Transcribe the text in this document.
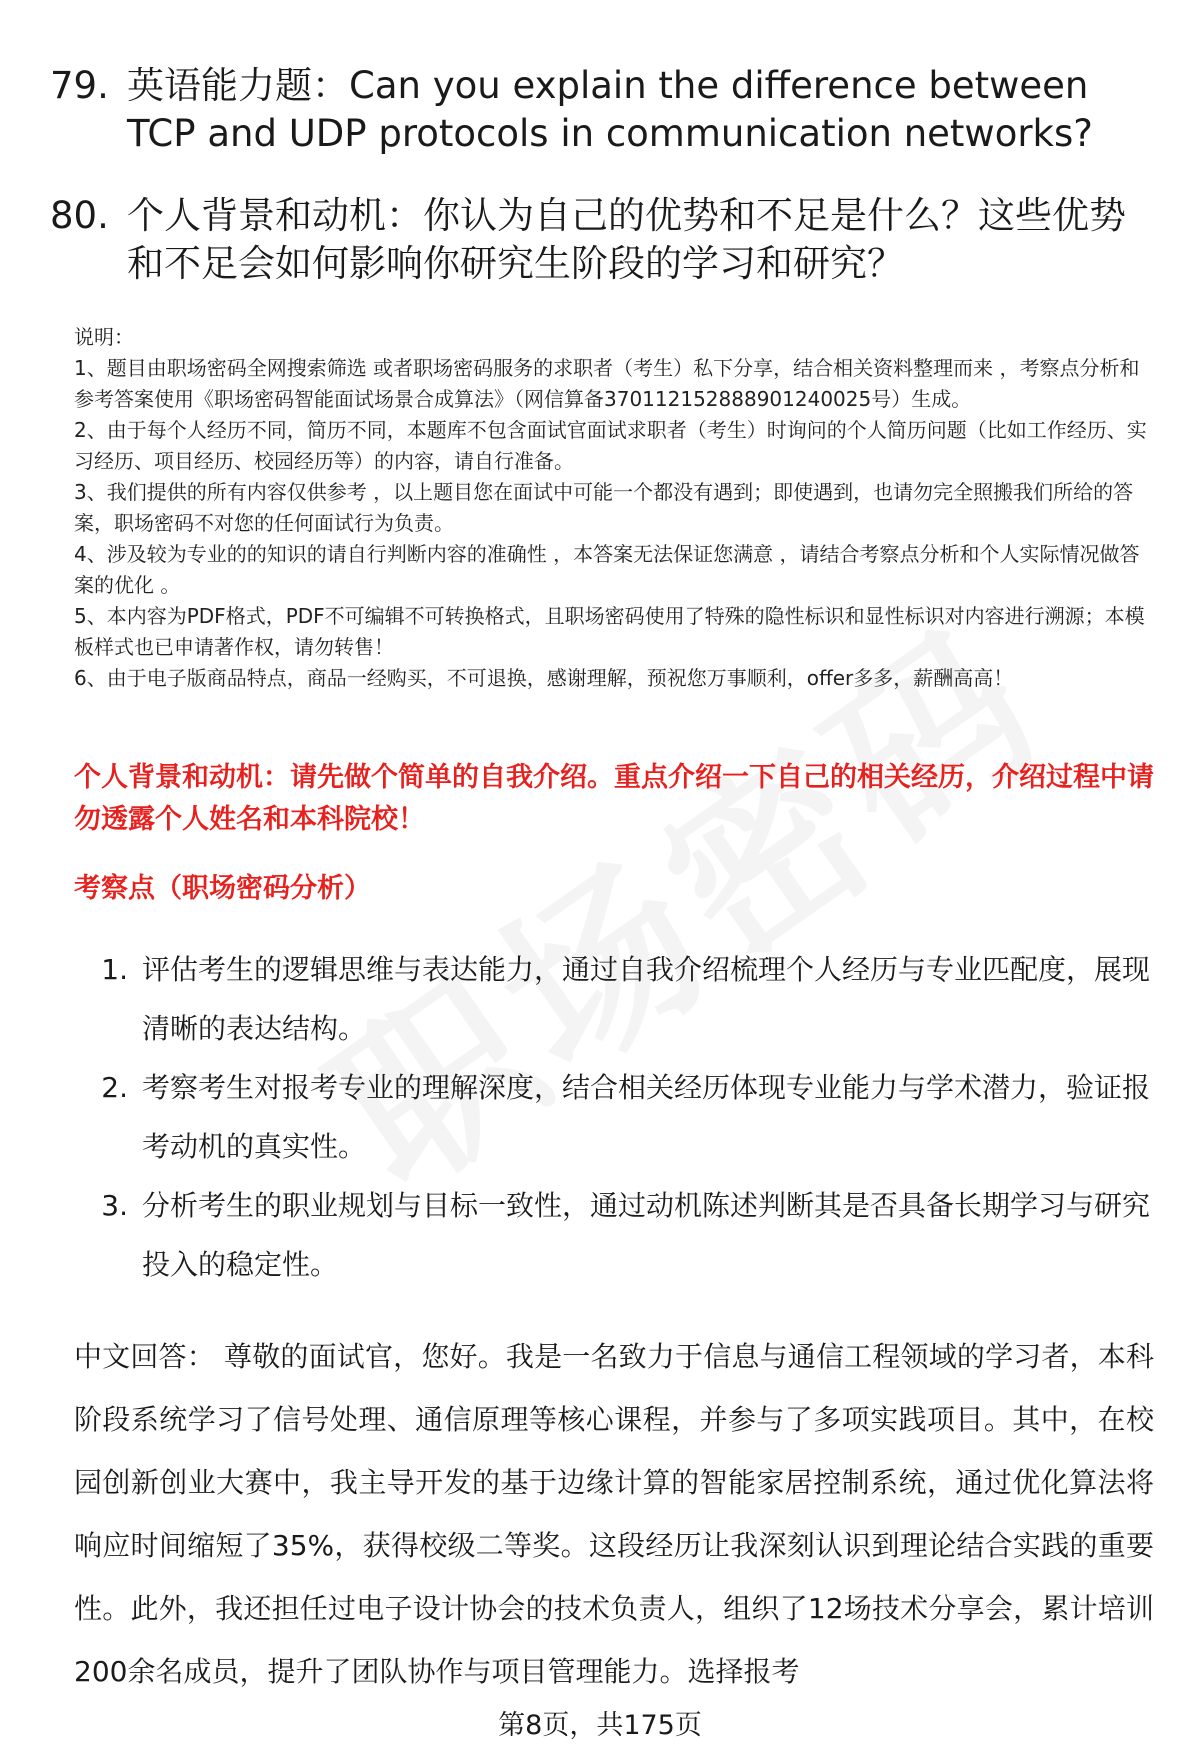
79. 英语能力题：Can you explain the difference between TCP and UDP protocols in communication networks?
80. 个人背景和动机：你认为自己的优势和不足是什么？这些优势和不足会如何影响你研究生阶段的学习和研究？

说明：

1、题目由职场密码全网搜索筛选 或者职场密码服务的求职者（考生）私下分享，结合相关资料整理而来 ，考察点分析和参考答案使用《职场密码智能面试场景合成算法》（网信算备370112152888901240025号）生成。

2、由于每个人经历不同，简历不同，本题库不包含面试官面试求职者（考生）时询问的个人简历问题（比如工作经历、实习经历、项目经历、校园经历等）的内容，请自行准备。

3、我们提供的所有内容仅供参考 ，以上题目您在面试中可能一个都没有遇到；即使遇到，也请勿完全照搬我们所给的答案，职场密码不对您的任何面试行为负责。

4、涉及较为专业的的知识的请自行判断内容的准确性 ，本答案无法保证您满意 ，请结合考察点分析和个人实际情况做答案的优化 。

5、本内容为PDF格式，PDF不可编辑不可转换格式，且职场密码使用了特殊的隐性标识和显性标识对内容进行溯源；本模板样式也已申请著作权，请勿转售！

6、由于电子版商品特点，商品一经购买，不可退换，感谢理解，预祝您万事顺利，offer多多，薪酬高高！

个人背景和动机：请先做个简单的自我介绍。重点介绍一下自己的相关经历，介绍过程中请勿透露个人姓名和本科院校！
考察点（职场密码分析）
1. 评估考生的逻辑思维与表达能力，通过自我介绍梳理个人经历与专业匹配度，展现清晰的表达结构。
2. 考察考生对报考专业的理解深度，结合相关经历体现专业能力与学术潜力，验证报考动机的真实性。
3. 分析考生的职业规划与目标一致性，通过动机陈述判断其是否具备长期学习与研究投入的稳定性。

中文回答： 尊敬的面试官，您好。我是一名致力于信息与通信工程领域的学习者，本科阶段系统学习了信号处理、通信原理等核心课程，并参与了多项实践项目。其中，在校园创新创业大赛中，我主导开发的基于边缘计算的智能家居控制系统，通过优化算法将响应时间缩短了35%，获得校级二等奖。这段经历让我深刻认识到理论结合实践的重要性。此外，我还担任过电子设计协会的技术负责人，组织了12场技术分享会，累计培训200余名成员，提升了团队协作与项目管理能力。选择报考

第8页，共175页
